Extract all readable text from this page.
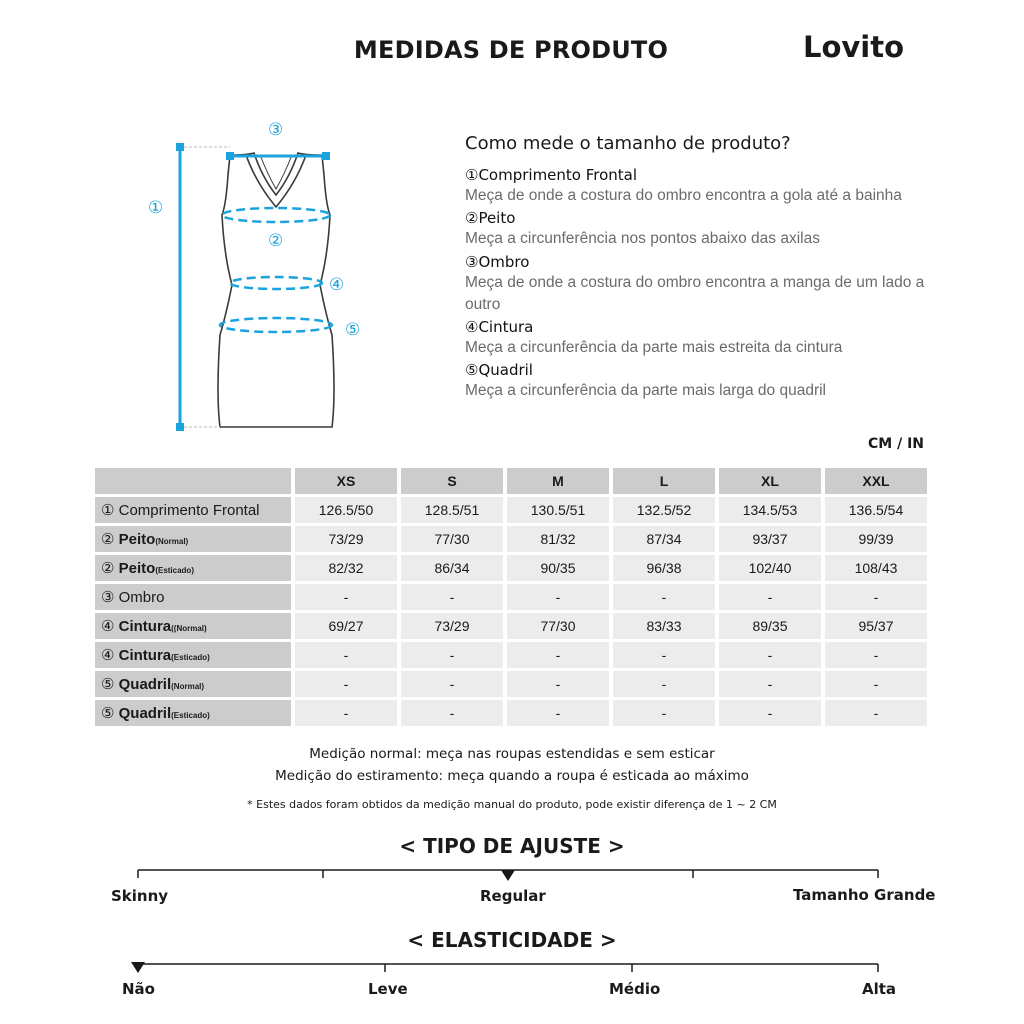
MEDIDAS DE PRODUTO	Lovito
①
②
③
④
⑤
Como mede o tamanho de produto?
①Comprimento Frontal
Meça de onde a costura do ombro encontra a gola até a bainha
②Peito
Meça a circunferência nos pontos abaixo das axilas
③Ombro
Meça de onde a costura do ombro encontra a manga de um lado a outro
④Cintura
Meça a circunferência da parte mais estreita da cintura
⑤Quadril
Meça a circunferência da parte mais larga do quadril
CM / IN
	XS	S	M	L	XL	XXL
① Comprimento Frontal	126.5/50	128.5/51	130.5/51	132.5/52	134.5/53	136.5/54
② Peito(Normal)	73/29	77/30	81/32	87/34	93/37	99/39
② Peito(Esticado)	82/32	86/34	90/35	96/38	102/40	108/43
③ Ombro	-	-	-	-	-	-
④ Cintura((Normal)	69/27	73/29	77/30	83/33	89/35	95/37
④ Cintura(Esticado)	-	-	-	-	-	-
⑤ Quadril(Normal)	-	-	-	-	-	-
⑤ Quadril(Esticado)	-	-	-	-	-	-
Medição normal: meça nas roupas estendidas e sem esticar
Medição do estiramento: meça quando a roupa é esticada ao máximo
* Estes dados foram obtidos da medição manual do produto, pode existir diferença de 1 ~ 2 CM
< TIPO DE AJUSTE >
Skinny	Regular	Tamanho Grande
< ELASTICIDADE >
Não	Leve	Médio	Alta
